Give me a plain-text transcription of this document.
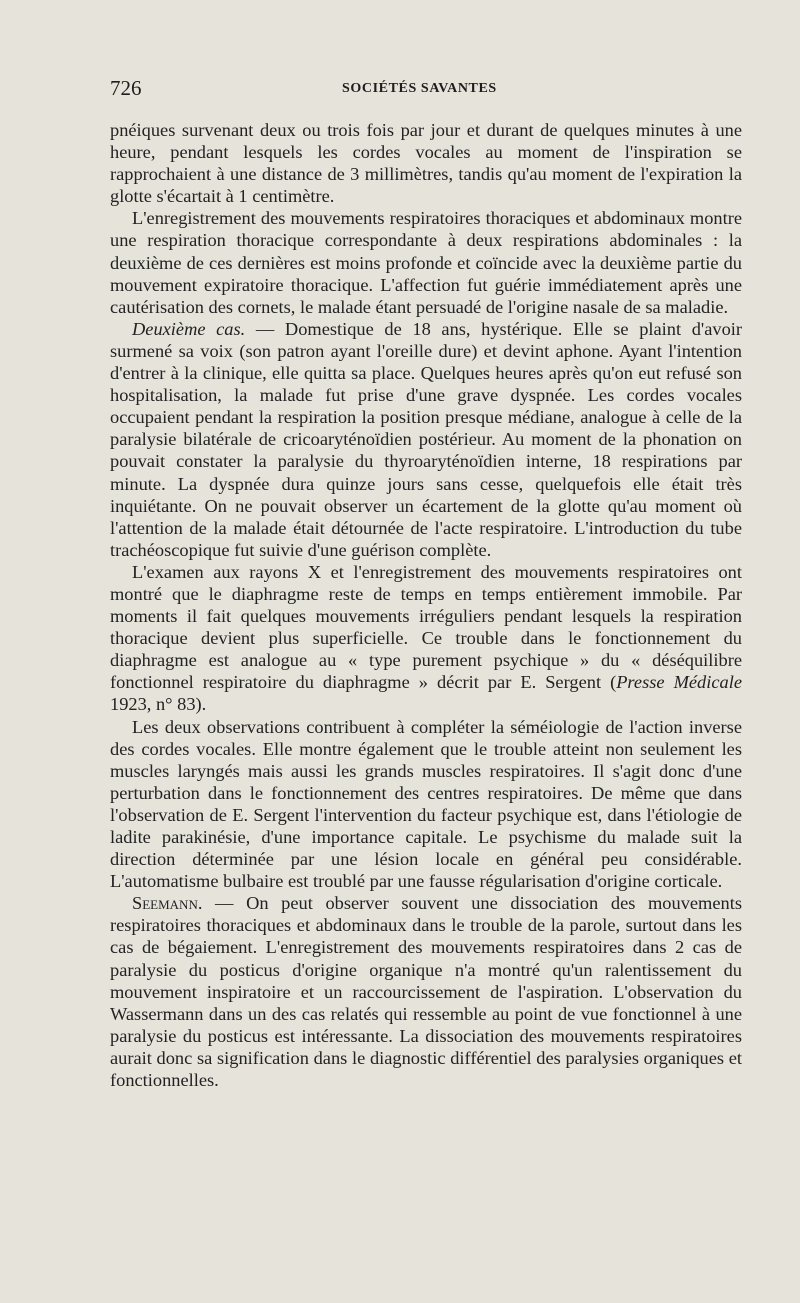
726	SOCIÉTÉS SAVANTES

pnéiques survenant deux ou trois fois par jour et durant de quelques minutes à une heure, pendant lesquels les cordes vocales au moment de l'inspiration se rapprochaient à une distance de 3 millimètres, tandis qu'au moment de l'expiration la glotte s'écartait à 1 centimètre.

L'enregistrement des mouvements respiratoires thoraciques et abdominaux montre une respiration thoracique correspondante à deux respirations abdominales : la deuxième de ces dernières est moins profonde et coïncide avec la deuxième partie du mouvement expiratoire thoracique. L'affection fut guérie immédiatement après une cautérisation des cornets, le malade étant persuadé de l'origine nasale de sa maladie.

Deuxième cas. — Domestique de 18 ans, hystérique. Elle se plaint d'avoir surmené sa voix (son patron ayant l'oreille dure) et devint aphone. Ayant l'intention d'entrer à la clinique, elle quitta sa place. Quelques heures après qu'on eut refusé son hospitalisation, la malade fut prise d'une grave dyspnée. Les cordes vocales occupaient pendant la respiration la position presque médiane, analogue à celle de la paralysie bilatérale de cricoaryténoïdien postérieur. Au moment de la phonation on pouvait constater la paralysie du thyroaryténoïdien interne, 18 respirations par minute. La dyspnée dura quinze jours sans cesse, quelquefois elle était très inquiétante. On ne pouvait observer un écartement de la glotte qu'au moment où l'attention de la malade était détournée de l'acte respiratoire. L'introduction du tube trachéoscopique fut suivie d'une guérison complète.

L'examen aux rayons X et l'enregistrement des mouvements respiratoires ont montré que le diaphragme reste de temps en temps entièrement immobile. Par moments il fait quelques mouvements irréguliers pendant lesquels la respiration thoracique devient plus superficielle. Ce trouble dans le fonctionnement du diaphragme est analogue au « type purement psychique » du « déséquilibre fonctionnel respiratoire du diaphragme » décrit par E. Sergent (Presse Médicale 1923, n° 83).

Les deux observations contribuent à compléter la séméiologie de l'action inverse des cordes vocales. Elle montre également que le trouble atteint non seulement les muscles laryngés mais aussi les grands muscles respiratoires. Il s'agit donc d'une perturbation dans le fonctionnement des centres respiratoires. De même que dans l'observation de E. Sergent l'intervention du facteur psychique est, dans l'étiologie de ladite parakinésie, d'une importance capitale. Le psychisme du malade suit la direction déterminée par une lésion locale en général peu considérable. L'automatisme bulbaire est troublé par une fausse régularisation d'origine corticale.

Seemann. — On peut observer souvent une dissociation des mouvements respiratoires thoraciques et abdominaux dans le trouble de la parole, surtout dans les cas de bégaiement. L'enregistrement des mouvements respiratoires dans 2 cas de paralysie du posticus d'origine organique n'a montré qu'un ralentissement du mouvement inspiratoire et un raccourcissement de l'aspiration. L'observation du Wassermann dans un des cas relatés qui ressemble au point de vue fonctionnel à une paralysie du posticus est intéressante. La dissociation des mouvements respiratoires aurait donc sa signification dans le diagnostic différentiel des paralysies organiques et fonctionnelles.
